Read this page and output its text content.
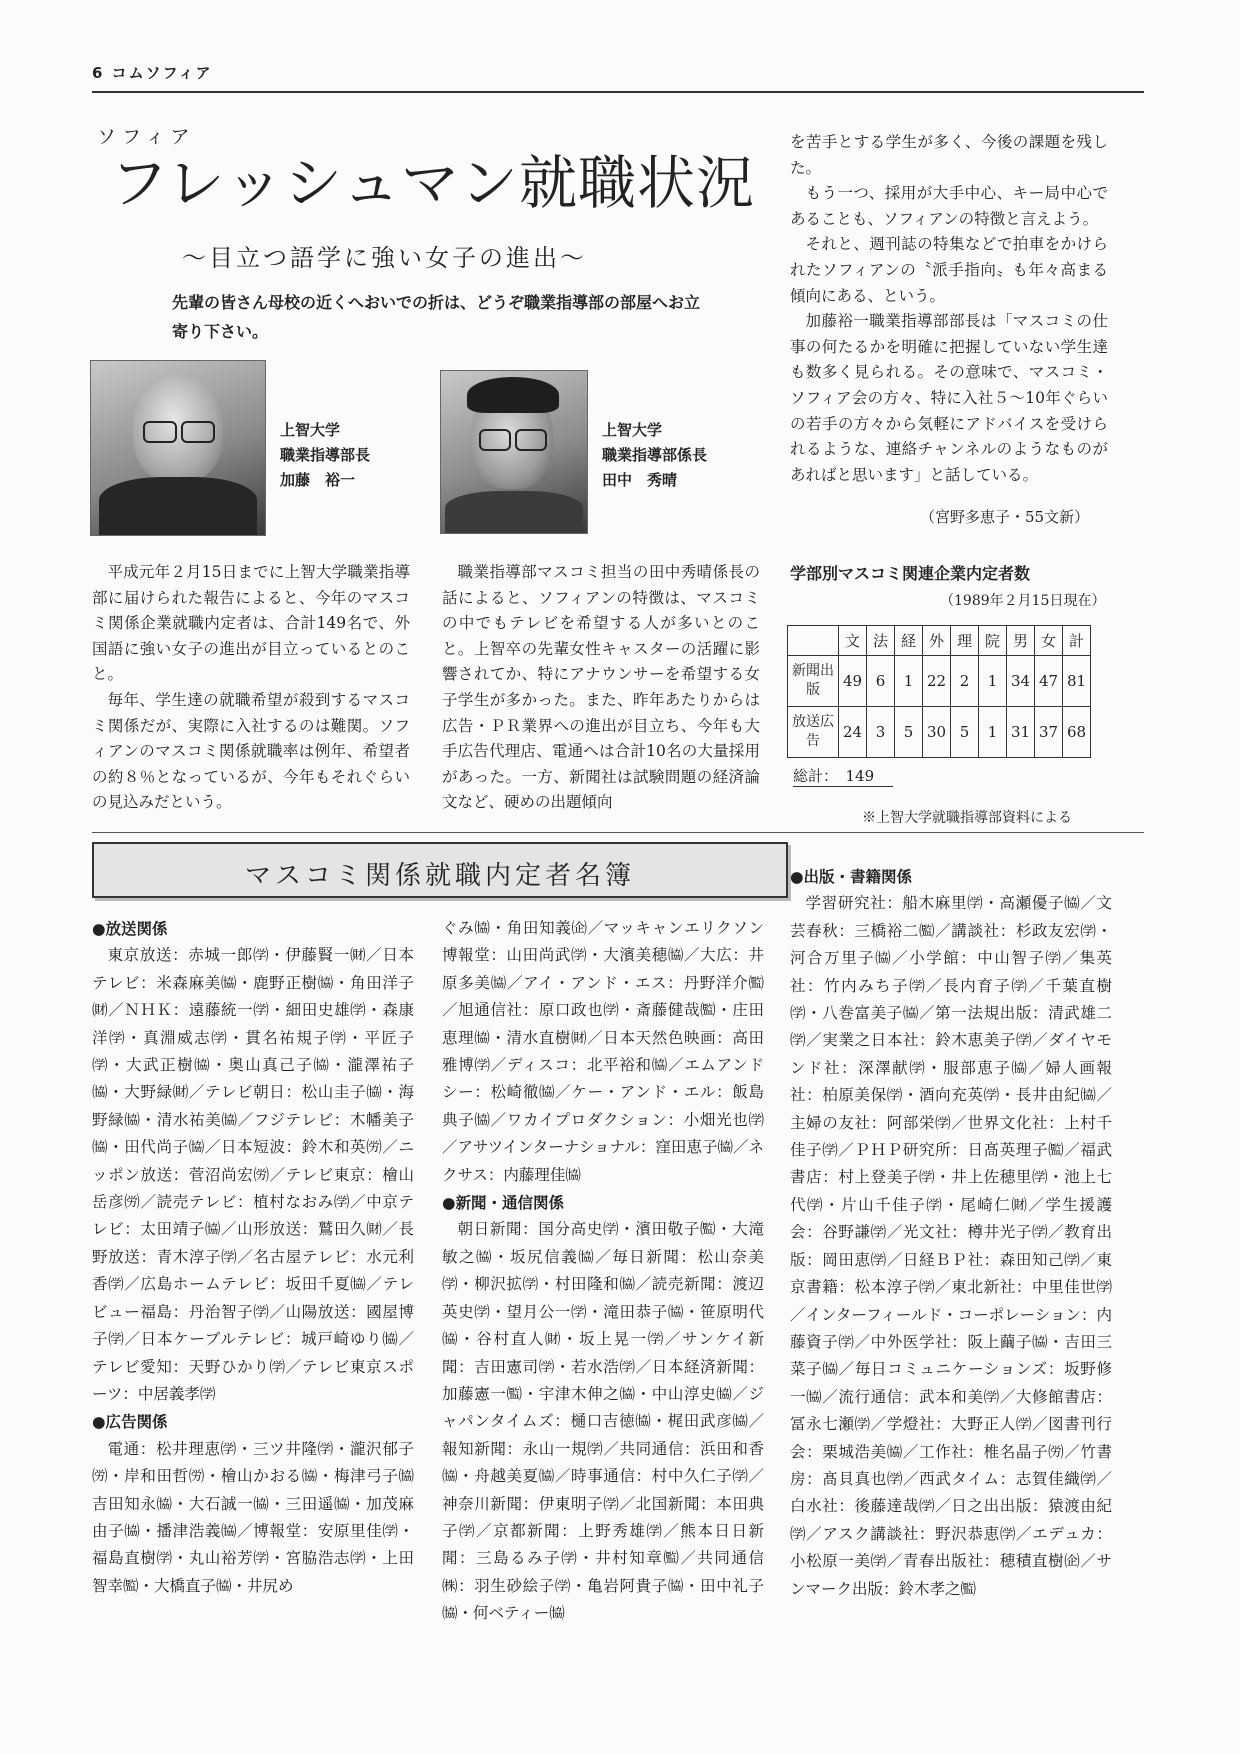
6 コムソフィア
ソフィア
フレッシュマン就職状況
〜目立つ語学に強い女子の進出〜
先輩の皆さん母校の近くへおいでの折は、どうぞ職業指導部の部屋へお立寄り下さい。
上智大学
職業指導部長
加藤　裕一
上智大学
職業指導部係長
田中　秀晴

平成元年２月15日までに上智大学職業指導部に届けられた報告によると、今年のマスコミ関係企業就職内定者は、合計149名で、外国語に強い女子の進出が目立っているとのこと。

毎年、学生達の就職希望が殺到するマスコミ関係だが、実際に入社するのは難関。ソフィアンのマスコミ関係就職率は例年、希望者の約８％となっているが、今年もそれぐらいの見込みだという。

職業指導部マスコミ担当の田中秀晴係長の話によると、ソフィアンの特徴は、マスコミの中でもテレビを希望する人が多いとのこと。上智卒の先輩女性キャスターの活躍に影響されてか、特にアナウンサーを希望する女子学生が多かった。また、昨年あたりからは広告・ＰＲ業界への進出が目立ち、今年も大手広告代理店、電通へは合計10名の大量採用があった。一方、新聞社は試験問題の経済論文など、硬めの出題傾向

を苦手とする学生が多く、今後の課題を残した。

もう一つ、採用が大手中心、キー局中心であることも、ソフィアンの特徴と言えよう。

それと、週刊誌の特集などで拍車をかけられたソフィアンの〝派手指向〟も年々高まる傾向にある、という。

加藤裕一職業指導部部長は「マスコミの仕事の何たるかを明確に把握していない学生達も数多く見られる。その意味で、マスコミ・ソフィア会の方々、特に入社５〜10年ぐらいの若手の方々から気軽にアドバイスを受けられるような、連絡チャンネルのようなものがあればと思います」と話している。

（宮野多恵子・55文新）
学部別マスコミ関連企業内定者数
（1989年２月15日現在）
	文	法	経	外	理	院	男	女	計
新聞出版	49	6	1	22	2	1	34	47	81
放送広告	24	3	5	30	5	1	31	37	68
総計：　149
※上智大学就職指導部資料による
マスコミ関係就職内定者名簿

●放送関係

東京放送：赤城一郎㈻・伊藤賢一㈶／日本テレビ：米森麻美㈿・鹿野正樹㈿・角田洋子㈶／ＮＨＫ：遠藤統一㈻・細田史雄㈻・森康洋㈻・真淵威志㈻・貫名祐規子㈻・平匠子㈻・大武正樹㈿・奥山真己子㈿・瀧澤祐子㈿・大野緑㈶／テレビ朝日：松山圭子㈿・海野緑㈿・清水祐美㈿／フジテレビ：木幡美子㈿・田代尚子㈿／日本短波：鈴木和英㈸／ニッポン放送：菅沼尚宏㈸／テレビ東京：檜山岳彦㈸／読売テレビ：植村なおみ㈻／中京テレビ：太田靖子㈿／山形放送：鷲田久㈶／長野放送：青木淳子㈻／名古屋テレビ：水元利香㈻／広島ホームテレビ：坂田千夏㈿／テレビュー福島：丹治智子㈻／山陽放送：國屋博子㈻／日本ケーブルテレビ：城戸崎ゆり㈿／テレビ愛知：天野ひかり㈻／テレビ東京スポーツ：中居義孝㈻

●広告関係

電通：松井理恵㈻・三ツ井隆㈻・瀧沢郁子㈸・岸和田哲㈸・檜山かおる㈿・梅津弓子㈿　吉田知永㈿・大石誠一㈿・三田遥㈿・加茂麻由子㈿・播津浩義㈿／博報堂：安原里佳㈻・福島直樹㈻・丸山裕芳㈻・宮脇浩志㈻・上田智幸㈼・大橋直子㈿・井尻め

ぐみ㈿・角田知義㈽／マッキャンエリクソン博報堂：山田尚武㈻・大濱美穂㈿／大広：井原多美㈿／アイ・アンド・エス：丹野洋介㈼／旭通信社：原口政也㈻・斎藤健哉㈼・庄田恵理㈿・清水直樹㈶／日本天然色映画：高田雅博㈻／ディスコ：北平裕和㈿／エムアンドシー：松崎徹㈿／ケー・アンド・エル：飯島典子㈿／ワカイプロダクション：小畑光也㈻／アサツインターナショナル：窪田恵子㈿／ネクサス：内藤理佳㈿

●新聞・通信関係

朝日新聞：国分高史㈻・濱田敬子㈼・大滝敏之㈿・坂尻信義㈿／毎日新聞：松山奈美㈻・柳沢拡㈻・村田隆和㈿／読売新聞：渡辺英史㈻・望月公一㈻・滝田恭子㈿・笹原明代㈿・谷村直人㈶・坂上晃一㈻／サンケイ新聞：吉田憲司㈻・若水浩㈻／日本経済新聞：加藤憲一㈼・宇津木伸之㈿・中山淳史㈿／ジャパンタイムズ：樋口吉徳㈿・梶田武彦㈿／報知新聞：永山一規㈻／共同通信：浜田和香㈿・舟越美夏㈿／時事通信：村中久仁子㈻／神奈川新聞：伊東明子㈻／北国新聞：本田典子㈻／京都新聞：上野秀雄㈻／熊本日日新聞：三島るみ子㈻・井村知章㈼／共同通信㈱：羽生砂絵子㈻・亀岩阿貴子㈿・田中礼子㈿・何ベティー㈿

●出版・書籍関係

学習研究社：船木麻里㈻・高瀬優子㈿／文芸春秋：三橋裕二㈼／講談社：杉政友宏㈻・河合万里子㈿／小学館：中山智子㈻／集英社：竹内みち子㈻／長内育子㈻／千葉直樹㈻・八巻富美子㈿／第一法規出版：清武雄二㈻／実業之日本社：鈴木恵美子㈻／ダイヤモンド社：深澤献㈻・服部恵子㈿／婦人画報社：柏原美保㈻・酒向充英㈻・長井由紀㈿／主婦の友社：阿部栄㈻／世界文化社：上村千佳子㈻／ＰＨＰ研究所：日髙英理子㈼／福武書店：村上登美子㈻・井上佐穂里㈻・池上七代㈻・片山千佳子㈻・尾崎仁㈶／学生援護会：谷野謙㈻／光文社：樽井光子㈻／教育出版：岡田恵㈻／日経ＢＰ社：森田知己㈻／東京書籍：松本淳子㈻／東北新社：中里佳世㈻／インターフィールド・コーポレーション：内藤資子㈻／中外医学社：阪上繭子㈿・吉田三菜子㈿／毎日コミュニケーションズ：坂野修一㈿／流行通信：武本和美㈻／大修館書店：冨永七瀬㈻／学燈社：大野正人㈻／図書刊行会：栗城浩美㈿／工作社：椎名晶子㈸／竹書房：髙貝真也㈻／西武タイム：志賀佳織㈻／白水社：後藤達哉㈻／日之出出版：猿渡由紀㈻／アスク講談社：野沢恭恵㈻／エデュカ：小松原一美㈻／青春出版社：穂積直樹㈽／サンマーク出版：鈴木孝之㈼
